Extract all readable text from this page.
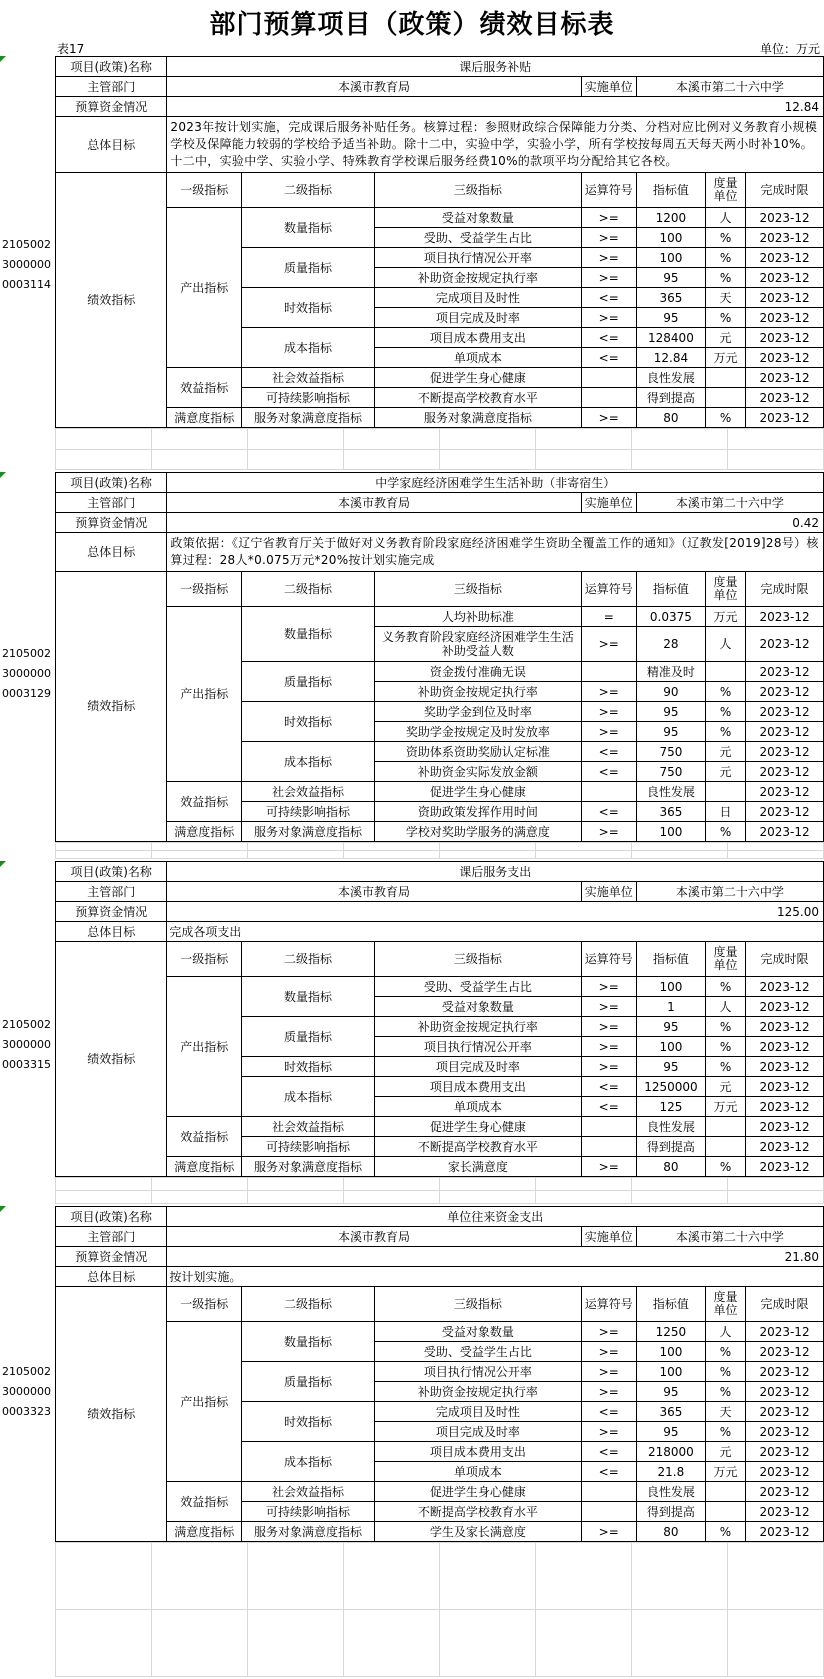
部门预算项目（政策）绩效目标表
表17	单位：万元
2105002
3000000
0003114
项目(政策)名称	课后服务补贴						
主管部门	本溪市教育局			实施单位	本溪市第二十六中学		
预算资金情况	12.84						
总体目标	2023年按计划实施，完成课后服务补贴任务。核算过程：参照财政综合保障能力分类、分档对应比例对义务教育小规模学校及保障能力较弱的学校给予适当补助。除十二中，实验中学，实验小学，所有学校按每周五天每天两小时补10%。十二中，实验中学、实验小学、特殊教育学校课后服务经费10%的款项平均分配给其它各校。						
绩效指标	一级指标	二级指标	三级指标	运算符号	指标值	度量单位	完成时限
	产出指标	数量指标	受益对象数量	>=	1200	人	2023-12
			受助、受益学生占比	>=	100	%	2023-12
		质量指标	项目执行情况公开率	>=	100	%	2023-12
			补助资金按规定执行率	>=	95	%	2023-12
		时效指标	完成项目及时性	<=	365	天	2023-12
			项目完成及时率	>=	95	%	2023-12
		成本指标	项目成本费用支出	<=	128400	元	2023-12
			单项成本	<=	12.84	万元	2023-12
	效益指标	社会效益指标	促进学生身心健康		良性发展		2023-12
		可持续影响指标	不断提高学校教育水平		得到提高		2023-12
	满意度指标	服务对象满意度指标	服务对象满意度指标	>=	80	%	2023-12

2105002
3000000
0003129
项目(政策)名称	中学家庭经济困难学生生活补助（非寄宿生）						
主管部门	本溪市教育局			实施单位	本溪市第二十六中学		
预算资金情况	0.42						
总体目标	政策依据：《辽宁省教育厅关于做好对义务教育阶段家庭经济困难学生资助全覆盖工作的通知》（辽教发[2019]28号）核算过程：28人*0.075万元*20%按计划实施完成						
绩效指标	一级指标	二级指标	三级指标	运算符号	指标值	度量单位	完成时限
	产出指标	数量指标	人均补助标准	=	0.0375	万元	2023-12
			义务教育阶段家庭经济困难学生生活补助受益人数	>=	28	人	2023-12
		质量指标	资金拨付准确无误		精准及时		2023-12
			补助资金按规定执行率	>=	90	%	2023-12
		时效指标	奖助学金到位及时率	>=	95	%	2023-12
			奖助学金按规定及时发放率	>=	95	%	2023-12
		成本指标	资助体系资助奖励认定标准	<=	750	元	2023-12
			补助资金实际发放金额	<=	750	元	2023-12
	效益指标	社会效益指标	促进学生身心健康		良性发展		2023-12
		可持续影响指标	资助政策发挥作用时间	<=	365	日	2023-12
	满意度指标	服务对象满意度指标	学校对奖助学服务的满意度	>=	100	%	2023-12

2105002
3000000
0003315
项目(政策)名称	课后服务支出						
主管部门	本溪市教育局			实施单位	本溪市第二十六中学		
预算资金情况	125.00						
总体目标	完成各项支出						
绩效指标	一级指标	二级指标	三级指标	运算符号	指标值	度量单位	完成时限
	产出指标	数量指标	受助、受益学生占比	>=	100	%	2023-12
			受益对象数量	>=	1	人	2023-12
		质量指标	补助资金按规定执行率	>=	95	%	2023-12
			项目执行情况公开率	>=	100	%	2023-12
		时效指标	项目完成及时率	>=	95	%	2023-12
		成本指标	项目成本费用支出	<=	1250000	元	2023-12
			单项成本	<=	125	万元	2023-12
	效益指标	社会效益指标	促进学生身心健康		良性发展		2023-12
		可持续影响指标	不断提高学校教育水平		得到提高		2023-12
	满意度指标	服务对象满意度指标	家长满意度	>=	80	%	2023-12

2105002
3000000
0003323
项目(政策)名称	单位往来资金支出						
主管部门	本溪市教育局			实施单位	本溪市第二十六中学		
预算资金情况	21.80						
总体目标	按计划实施。						
绩效指标	一级指标	二级指标	三级指标	运算符号	指标值	度量单位	完成时限
	产出指标	数量指标	受益对象数量	>=	1250	人	2023-12
			受助、受益学生占比	>=	100	%	2023-12
		质量指标	项目执行情况公开率	>=	100	%	2023-12
			补助资金按规定执行率	>=	95	%	2023-12
		时效指标	完成项目及时性	<=	365	天	2023-12
			项目完成及时率	>=	95	%	2023-12
		成本指标	项目成本费用支出	<=	218000	元	2023-12
			单项成本	<=	21.8	万元	2023-12
	效益指标	社会效益指标	促进学生身心健康		良性发展		2023-12
		可持续影响指标	不断提高学校教育水平		得到提高		2023-12
	满意度指标	服务对象满意度指标	学生及家长满意度	>=	80	%	2023-12
